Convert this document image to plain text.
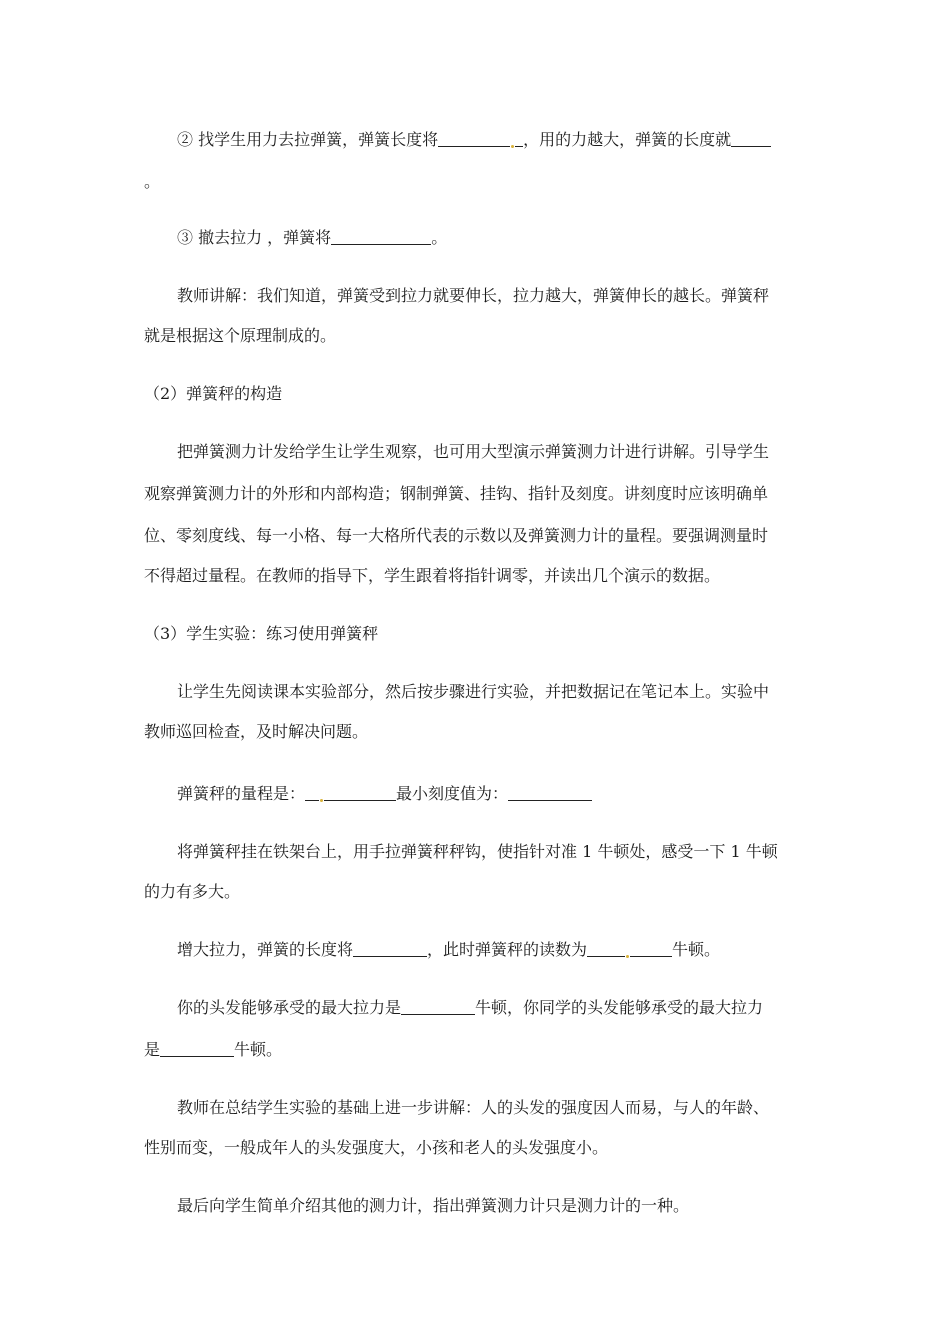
② 找学生用力去拉弹簧，弹簧长度将	，用的力越大，弹簧的长度就
。
③ 撤去拉力 ，弹簧将	。
教师讲解：我们知道，弹簧受到拉力就要伸长，拉力越大，弹簧伸长的越长。弹簧秤
就是根据这个原理制成的。
（2）弹簧秤的构造
把弹簧测力计发给学生让学生观察，也可用大型演示弹簧测力计进行讲解。引导学生
观察弹簧测力计的外形和内部构造；钢制弹簧、挂钩、指针及刻度。讲刻度时应该明确单
位、零刻度线、每一小格、每一大格所代表的示数以及弹簧测力计的量程。要强调测量时
不得超过量程。在教师的指导下，学生跟着将指针调零，并读出几个演示的数据。
（3）学生实验：练习使用弹簧秤
让学生先阅读课本实验部分，然后按步骤进行实验，并把数据记在笔记本上。实验中
教师巡回检查，及时解决问题。
弹簧秤的量程是：	最小刻度值为：
将弹簧秤挂在铁架台上，用手拉弹簧秤秤钩，使指针对准 1 牛顿处，感受一下 1 牛顿
的力有多大。
增大拉力，弹簧的长度将	，此时弹簧秤的读数为	牛顿。
你的头发能够承受的最大拉力是	牛顿，你同学的头发能够承受的最大拉力
是	牛顿。
教师在总结学生实验的基础上进一步讲解：人的头发的强度因人而易，与人的年龄、
性别而变，一般成年人的头发强度大，小孩和老人的头发强度小。
最后向学生简单介绍其他的测力计，指出弹簧测力计只是测力计的一种。
